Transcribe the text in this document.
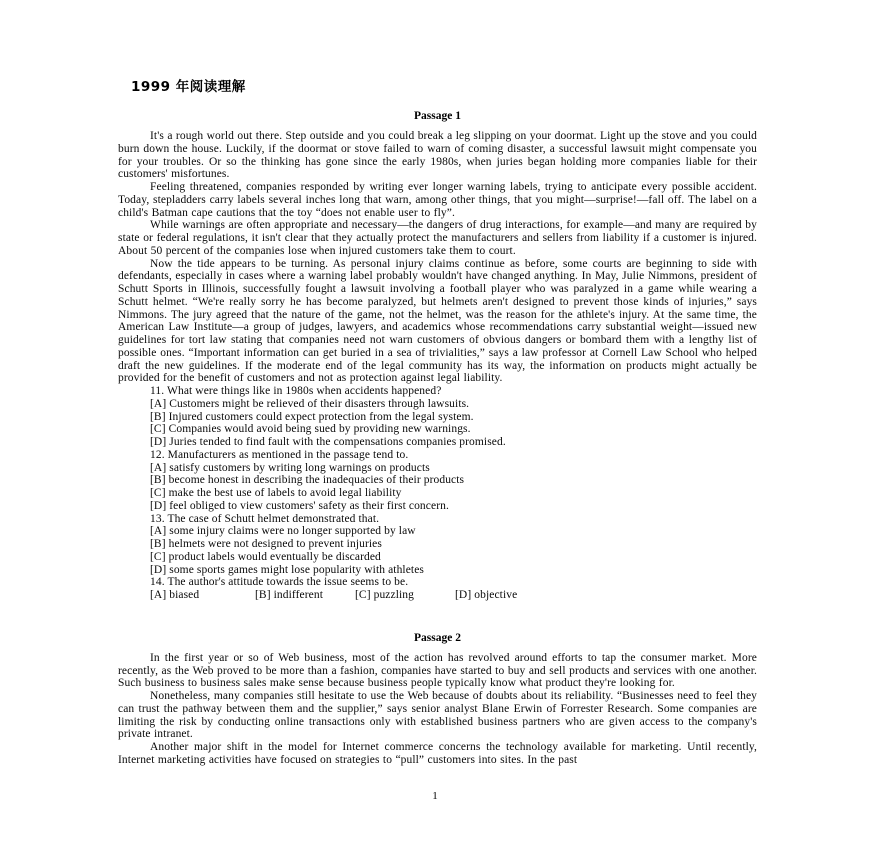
1999 年阅读理解
Passage 1

It's a rough world out there. Step outside and you could break a leg slipping on your doormat. Light up the stove and you could burn down the house. Luckily, if the doormat or stove failed to warn of coming disaster, a successful lawsuit might compensate you for your troubles. Or so the thinking has gone since the early 1980s, when juries began holding more companies liable for their customers' misfortunes.

Feeling threatened, companies responded by writing ever longer warning labels, trying to anticipate every possible accident. Today, stepladders carry labels several inches long that warn, among other things, that you might—surprise!—fall off. The label on a child's Batman cape cautions that the toy “does not enable user to fly”.

While warnings are often appropriate and necessary—the dangers of drug interactions, for example—and many are required by state or federal regulations, it isn't clear that they actually protect the manufacturers and sellers from liability if a customer is injured. About 50 percent of the companies lose when injured customers take them to court.

Now the tide appears to be turning. As personal injury claims continue as before, some courts are beginning to side with defendants, especially in cases where a warning label probably wouldn't have changed anything. In May, Julie Nimmons, president of Schutt Sports in Illinois, successfully fought a lawsuit involving a football player who was paralyzed in a game while wearing a Schutt helmet. “We're really sorry he has become paralyzed, but helmets aren't designed to prevent those kinds of injuries,” says Nimmons. The jury agreed that the nature of the game, not the helmet, was the reason for the athlete's injury. At the same time, the American Law Institute—a group of judges, lawyers, and academics whose recommendations carry substantial weight—issued new guidelines for tort law stating that companies need not warn customers of obvious dangers or bombard them with a lengthy list of possible ones. “Important information can get buried in a sea of trivialities,” says a law professor at Cornell Law School who helped draft the new guidelines. If the moderate end of the legal community has its way, the information on products might actually be provided for the benefit of customers and not as protection against legal liability.

11. What were things like in 1980s when accidents happened?
[A] Customers might be relieved of their disasters through lawsuits.
[B] Injured customers could expect protection from the legal system.
[C] Companies would avoid being sued by providing new warnings.
[D] Juries tended to find fault with the compensations companies promised.
12. Manufacturers as mentioned in the passage tend to.
[A] satisfy customers by writing long warnings on products
[B] become honest in describing the inadequacies of their products
[C] make the best use of labels to avoid legal liability
[D] feel obliged to view customers' safety as their first concern.
13. The case of Schutt helmet demonstrated that.
[A] some injury claims were no longer supported by law
[B] helmets were not designed to prevent injuries
[C] product labels would eventually be discarded
[D] some sports games might lose popularity with athletes
14. The author's attitude towards the issue seems to be.
[A] biased	[B] indifferent	[C] puzzling	[D] objective
Passage 2

In the first year or so of Web business, most of the action has revolved around efforts to tap the consumer market. More recently, as the Web proved to be more than a fashion, companies have started to buy and sell products and services with one another. Such business to business sales make sense because business people typically know what product they're looking for.

Nonetheless, many companies still hesitate to use the Web because of doubts about its reliability. “Businesses need to feel they can trust the pathway between them and the supplier,” says senior analyst Blane Erwin of Forrester Research. Some companies are limiting the risk by conducting online transactions only with established business partners who are given access to the company's private intranet.

Another major shift in the model for Internet commerce concerns the technology available for marketing. Until recently, Internet marketing activities have focused on strategies to “pull” customers into sites. In the past

1
